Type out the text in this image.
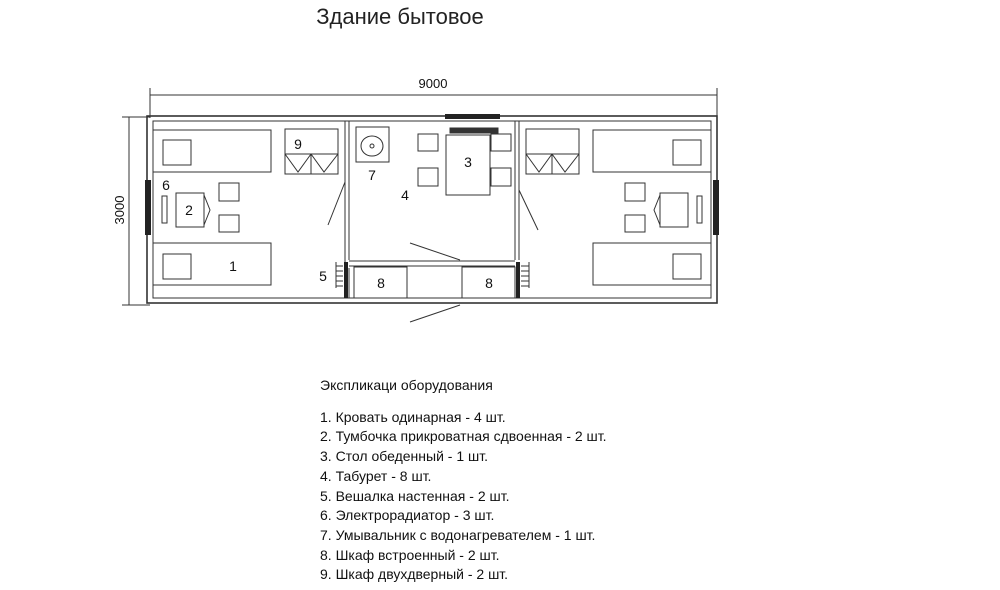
Здание бытовое
9000
3000
1
2
3
4
5
6
7
8	8
9
Экспликаци оборудования
1. Кровать одинарная - 4 шт.
2. Тумбочка прикроватная сдвоенная - 2 шт.
3. Стол обеденный - 1 шт.
4. Табурет - 8 шт.
5. Вешалка настенная - 2 шт.
6. Электрорадиатор - 3 шт.
7. Умывальник с водонагревателем - 1 шт.
8. Шкаф встроенный - 2 шт.
9. Шкаф двухдверный - 2 шт.
